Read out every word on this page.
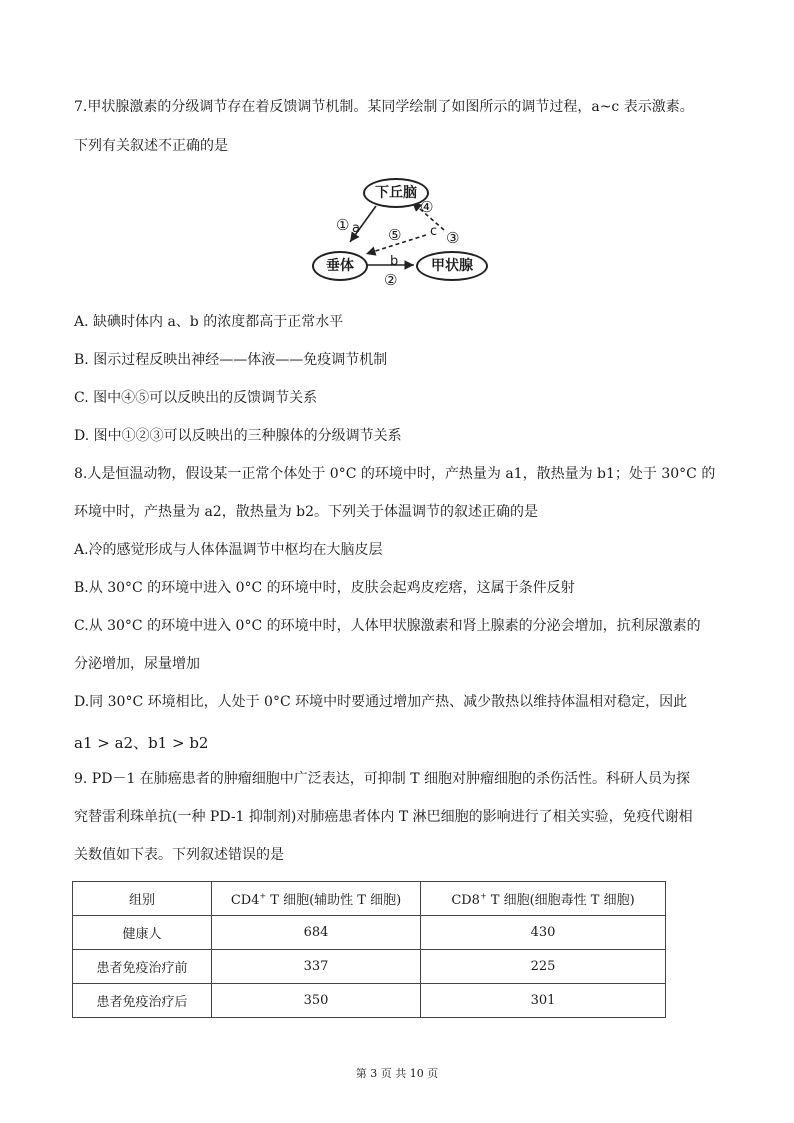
7.甲状腺激素的分级调节存在着反馈调节机制。某同学绘制了如图所示的调节过程，a~c 表示激素。
下列有关叙述不正确的是
下丘脑
垂体	甲状腺
① a
④
⑤ c ③
b
②
A. 缺碘时体内 a、b 的浓度都高于正常水平
B. 图示过程反映出神经——体液——免疫调节机制
C. 图中④⑤可以反映出的反馈调节关系
D. 图中①②③可以反映出的三种腺体的分级调节关系
8.人是恒温动物，假设某一正常个体处于 0°C 的环境中时，产热量为 a1，散热量为 b1；处于 30°C 的
环境中时，产热量为 a2，散热量为 b2。下列关于体温调节的叙述正确的是
A.冷的感觉形成与人体体温调节中枢均在大脑皮层
B.从 30°C 的环境中进入 0°C 的环境中时，皮肤会起鸡皮疙瘩，这属于条件反射
C.从 30°C 的环境中进入 0°C 的环境中时，人体甲状腺激素和肾上腺素的分泌会增加，抗利尿激素的
分泌增加，尿量增加
D.同 30°C 环境相比，人处于 0°C 环境中时要通过增加产热、减少散热以维持体温相对稳定，因此
a1 > a2、b1 > b2
9. PD－1 在肺癌患者的肿瘤细胞中广泛表达，可抑制 T 细胞对肿瘤细胞的杀伤活性。科研人员为探
究替雷利珠单抗(一种 PD-1 抑制剂)对肺癌患者体内 T 淋巴细胞的影响进行了相关实验，免疫代谢相
关数值如下表。下列叙述错误的是
组别	CD4+ T 细胞(辅助性 T 细胞)	CD8+ T 细胞(细胞毒性 T 细胞)
健康人	684	430
患者免疫治疗前	337	225
患者免疫治疗后	350	301
第 3 页 共 10 页
